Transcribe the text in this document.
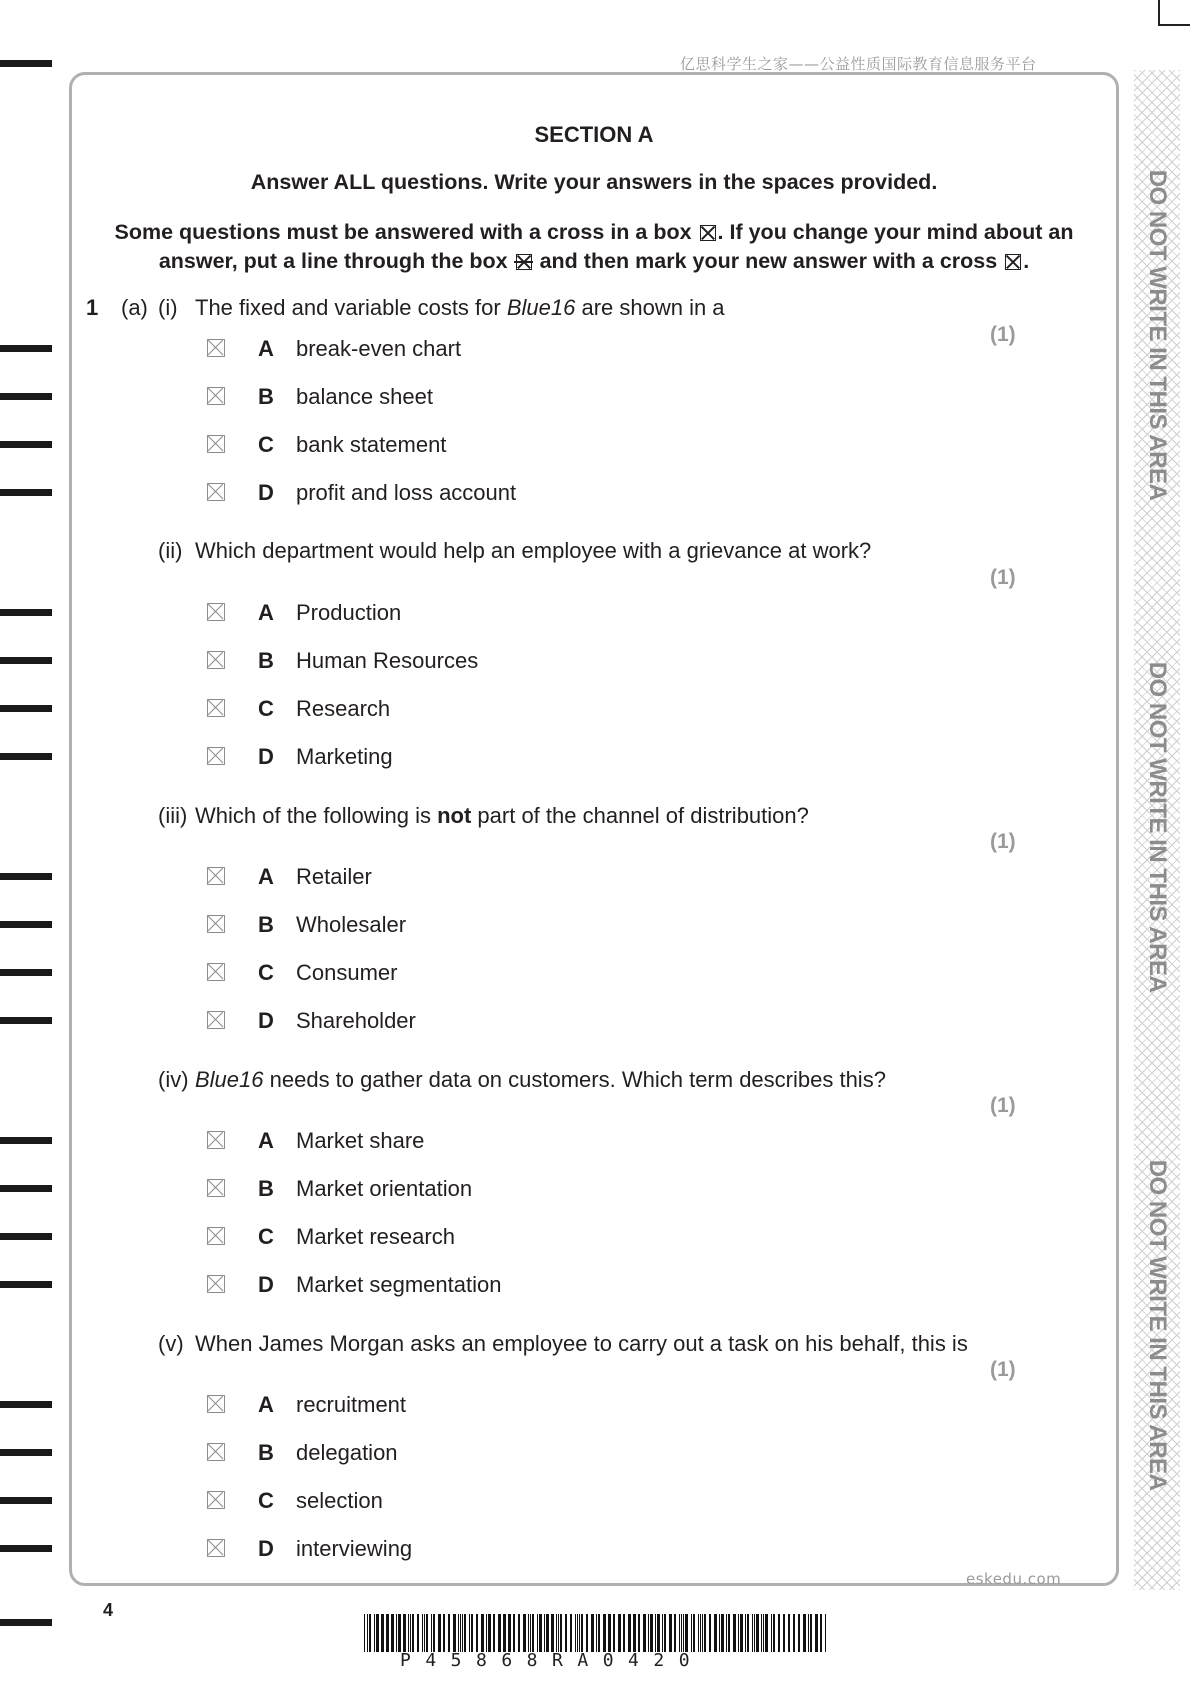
亿思科学生之家——公益性质国际教育信息服务平台
DO NOT WRITE IN THIS AREA
DO NOT WRITE IN THIS AREA
DO NOT WRITE IN THIS AREA
SECTION A
Answer ALL questions. Write your answers in the spaces provided.
Some questions must be answered with a cross in a box ☒ . If you change your mind about an
answer, put a line through the box and then mark your new answer with a cross ☒ .
1 (a) (i) The fixed and variable costs for Blue16 are shown in a
(1)
(ii) Which department would help an employee with a grievance at work?
(1)
(iii) Which of the following is not part of the channel of distribution?
(1)
(iv) Blue16 needs to gather data on customers. Which term describes this?
(1)
(v) When James Morgan asks an employee to carry out a task on his behalf, this is
(1)
A break-even chart
B balance sheet
C bank statement
D profit and loss account
A Production
B Human Resources
C Research
D Marketing
A Retailer
B Wholesaler
C Consumer
D Shareholder
A Market share
B Market orientation
C Market research
D Market segmentation
A recruitment
B delegation
C selection
D interviewing
4
eskedu.com
P45868RA0420
